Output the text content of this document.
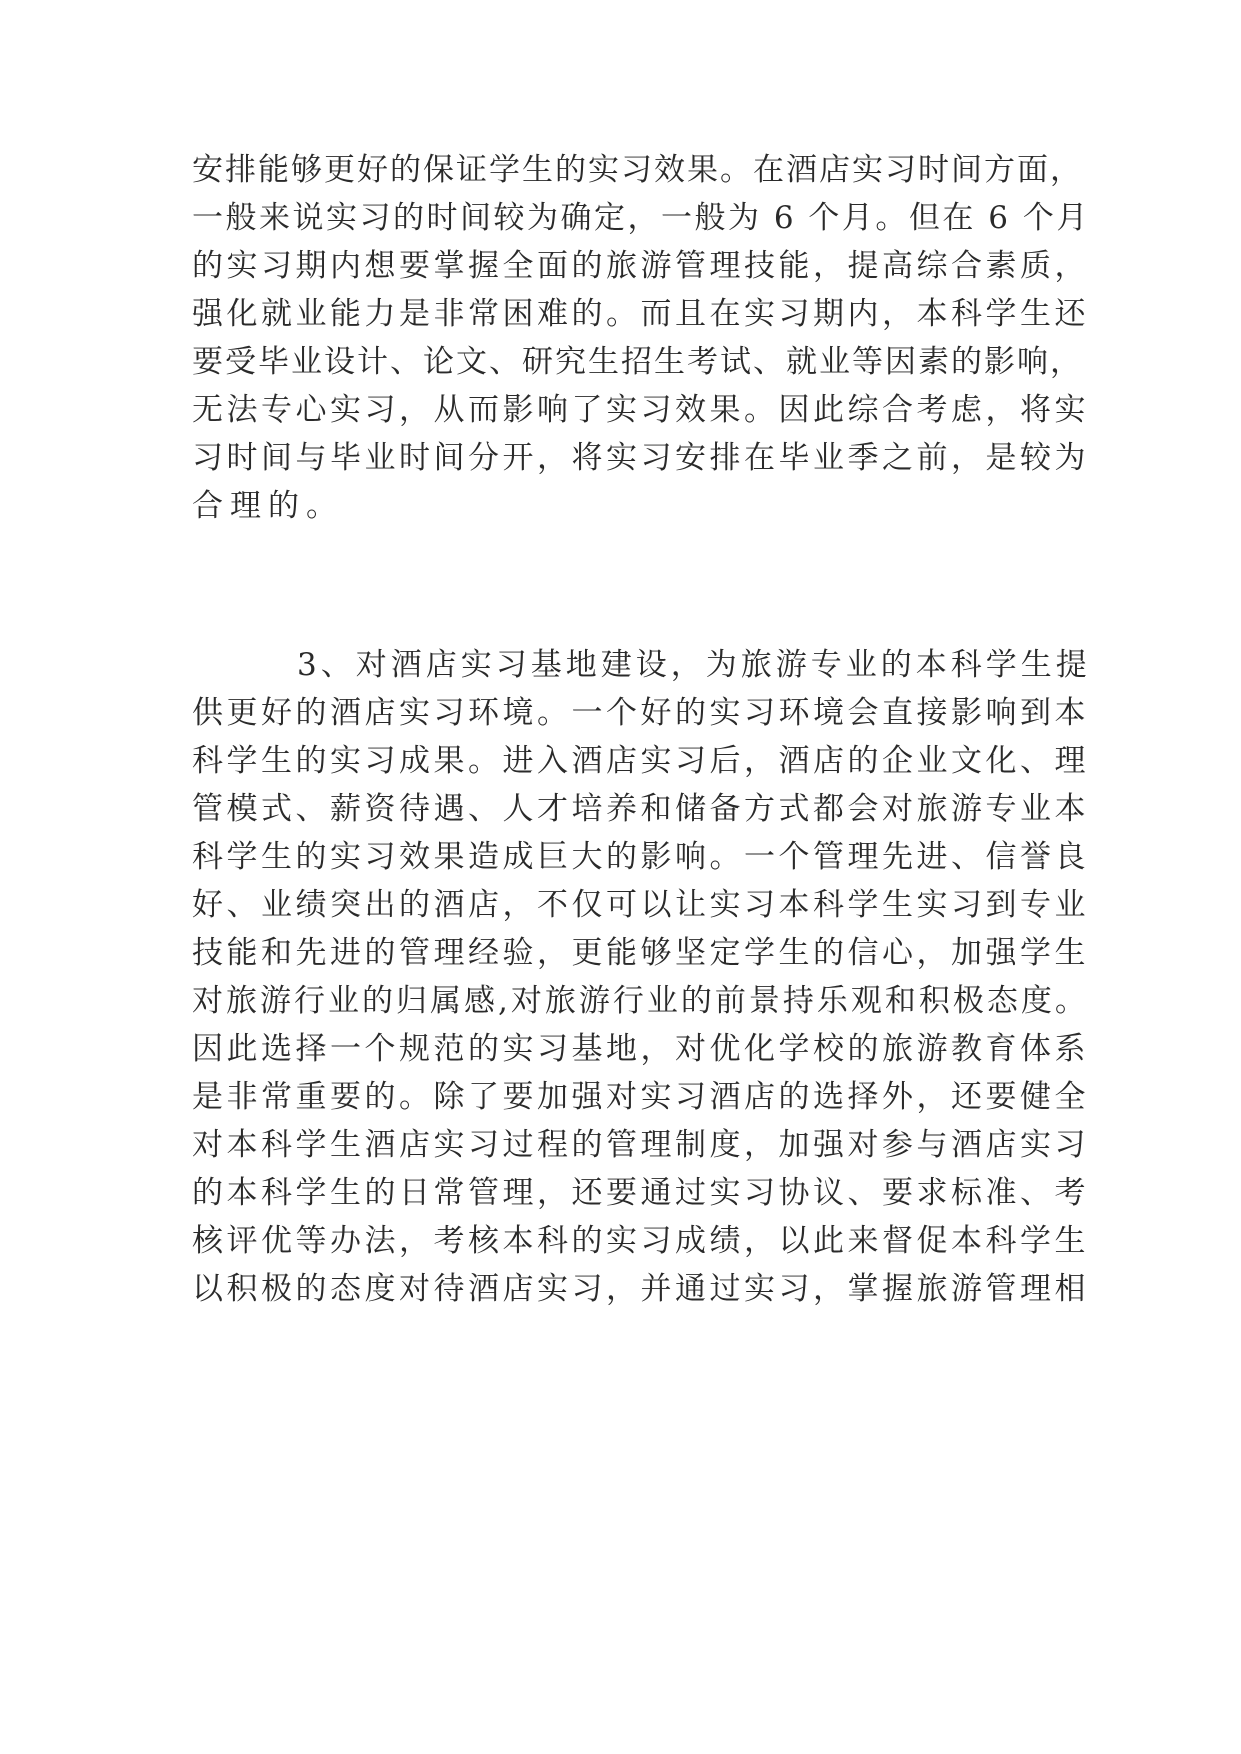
安排能够更好的保证学生的实习效果。在酒店实习时间方面，
一般来说实习的时间较为确定，一般为 6 个月。但在 6 个月
的实习期内想要掌握全面的旅游管理技能，提高综合素质，
强化就业能力是非常困难的。而且在实习期内，本科学生还
要受毕业设计、论文、研究生招生考试、就业等因素的影响，
无法专心实习，从而影响了实习效果。因此综合考虑，将实
习时间与毕业时间分开，将实习安排在毕业季之前，是较为
合理的。
3、对酒店实习基地建设，为旅游专业的本科学生提
供更好的酒店实习环境。一个好的实习环境会直接影响到本
科学生的实习成果。进入酒店实习后，酒店的企业文化、理
管模式、薪资待遇、人才培养和储备方式都会对旅游专业本
科学生的实习效果造成巨大的影响。一个管理先进、信誉良
好、业绩突出的酒店，不仅可以让实习本科学生实习到专业
技能和先进的管理经验，更能够坚定学生的信心，加强学生
对旅游行业的归属感,对旅游行业的前景持乐观和积极态度。
因此选择一个规范的实习基地，对优化学校的旅游教育体系
是非常重要的。除了要加强对实习酒店的选择外，还要健全
对本科学生酒店实习过程的管理制度，加强对参与酒店实习
的本科学生的日常管理，还要通过实习协议、要求标准、考
核评优等办法，考核本科的实习成绩，以此来督促本科学生
以积极的态度对待酒店实习，并通过实习，掌握旅游管理相
